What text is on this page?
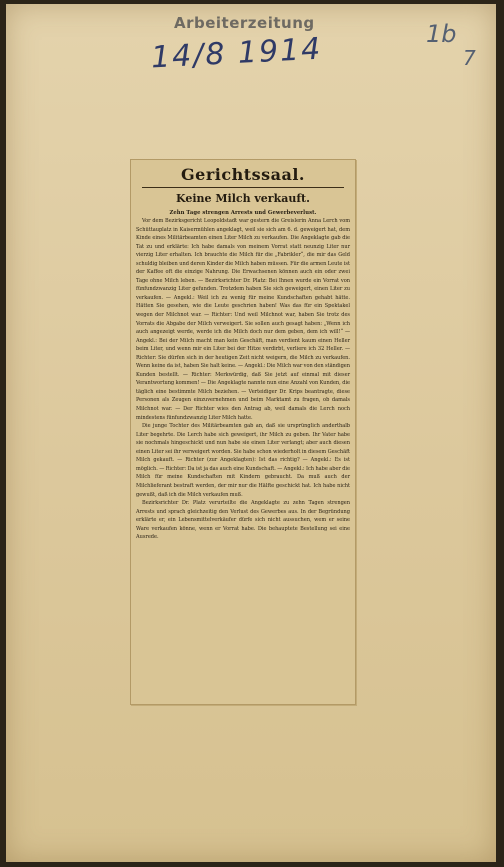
Arbeiterzeitung
14/8 1914	1b
7
Gerichtssaal.
Keine Milch verkauft.
Zehn Tage strengen Arrests und Gewerbeverlust.

Vor dem Bezirksgericht Leopoldstadt war gestern die Greislerin Anna Lerch vom Schüttauplatz in Kaisermühlen angeklagt, weil sie sich am 6. d. geweigert hat, dem Kinde eines Militärbeamten einen Liter Milch zu verkaufen. Die Angeklagte gab die Tat zu und erklärte: Ich habe damals von meinem Vorrat statt neunzig Liter nur vierzig Liter erhalten. Ich brauchte die Milch für die „Fabrikler“, die mir das Geld schuldig bleiben und deren Kinder die Milch haben müssen. Für die armen Leute ist der Kaffee oft die einzige Nahrung. Die Erwachsenen können auch ein oder zwei Tage ohne Milch leben. — Bezirksrichter Dr. Platz: Bei Ihnen wurde ein Vorrat von fünfundzwanzig Liter gefunden. Trotzdem haben Sie sich geweigert, einen Liter zu verkaufen. — Angekl.: Weil ich zu wenig für meine Kundschaften gehabt hätte. Hätten Sie gesehen, wie die Leute geschrien haben! Was das für ein Spektakel wegen der Milchnot war. — Richter: Und weil Milchnot war, haben Sie trotz des Vorrats die Abgabe der Milch verweigert. Sie sollen auch gesagt haben: „Wenn ich auch angezeigt werde, werde ich die Milch doch nur dem geben, dem ich will!“ — Angekl.: Bei der Milch macht man kein Geschäft, man verdient kaum einen Heller beim Liter, und wenn mir ein Liter bei der Hitze verdirbt, verliere ich 32 Heller. — Richter: Sie dürfen sich in der heutigen Zeit nicht weigern, die Milch zu verkaufen. Wenn keine da ist, haben Sie halt keine. — Angekl.: Die Milch war von den ständigen Kunden bestellt. — Richter: Merkwürdig, daß Sie jetzt auf einmal mit dieser Verantwortung kommen! — Die Angeklagte nannte nun eine Anzahl von Kunden, die täglich eine bestimmte Milch beziehen. — Verteidiger Dr. Krips beantragte, diese Personen als Zeugen einzuvernehmen und beim Marktamt zu fragen, ob damals Milchnot war. — Der Richter wies den Antrag ab, weil damals die Lerch noch mindestens fünfundzwanzig Liter Milch hatte.

Die junge Tochter des Militärbeamten gab an, daß sie ursprünglich anderthalb Liter begehrte. Die Lerch habe sich geweigert, ihr Milch zu geben. Ihr Vater habe sie nochmals hingeschickt und nun habe sie einen Liter verlangt; aber auch diesen einen Liter sei ihr verweigert worden. Sie habe schon wiederholt in diesem Geschäft Milch gekauft. — Richter (zur Angeklagten): Ist das richtig? — Angekl.: Es ist möglich. — Richter: Da ist ja das auch eine Kundschaft. — Angekl.: Ich habe aber die Milch für meine Kundschaften mit Kindern gebraucht. Da muß auch der Milchlieferant bestraft werden, der mir nur die Hälfte geschickt hat. Ich habe nicht gewußt, daß ich die Milch verkaufen muß.

Bezirksrichter Dr. Platz verurteilte die Angeklagte zu zehn Tagen strengen Arrests und sprach gleichzeitig den Verlust des Gewerbes aus. In der Begründung erklärte er, ein Lebensmittelverkäufer dürfe sich nicht aussuchen, wem er seine Ware verkaufen könne, wenn er Vorrat habe. Die behauptete Bestellung sei eine Ausrede.
